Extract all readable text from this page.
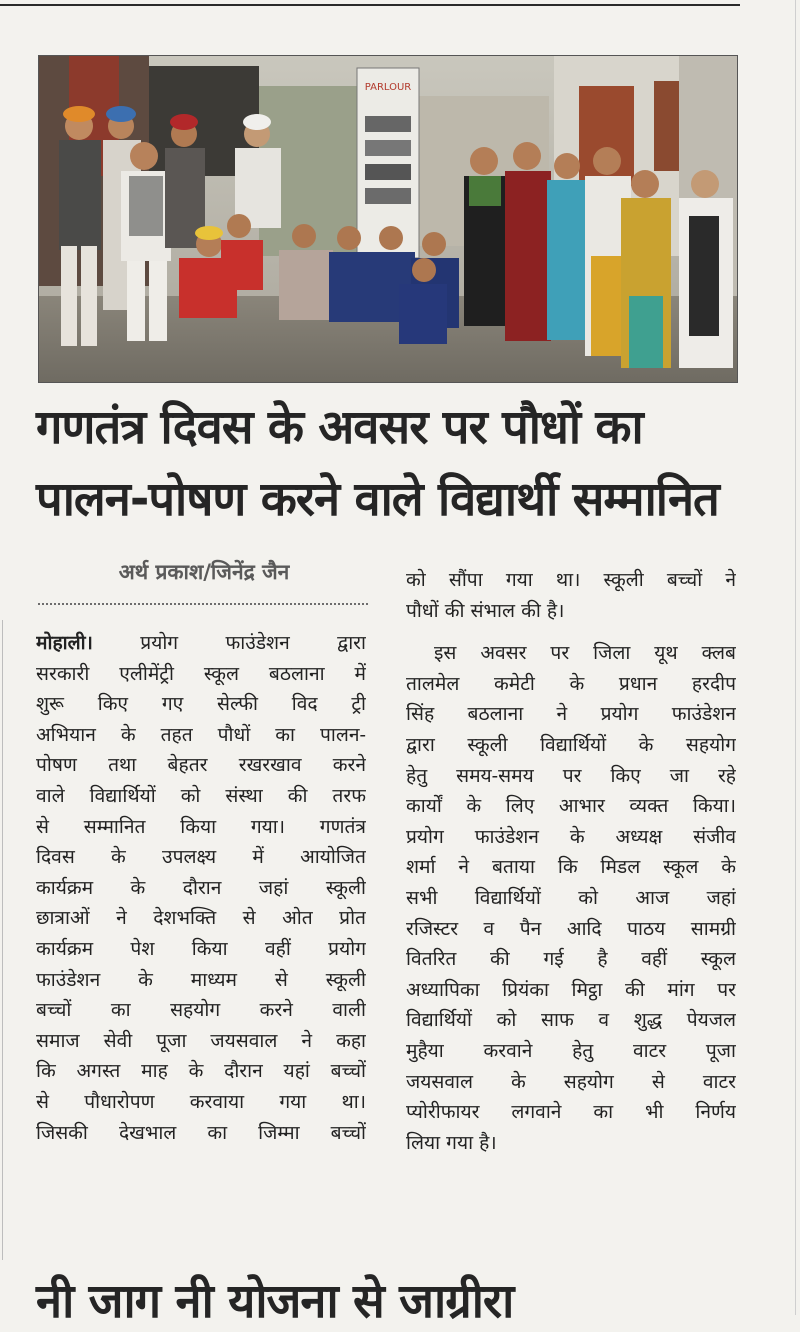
PARLOUR
गणतंत्र दिवस के अवसर पर पौधों का
पालन-पोषण करने वाले विद्यार्थी सम्मानित
अर्थ प्रकाश/जिनेंद्र जैन
मोहाली। प्रयोग फाउंडेशन द्वारा
सरकारी एलीमेंट्री स्कूल बठलाना में
शुरू किए गए सेल्फी विद ट्री
अभियान के तहत पौधों का पालन-
पोषण तथा बेहतर रखरखाव करने
वाले विद्यार्थियों को संस्था की तरफ
से सम्मानित किया गया। गणतंत्र
दिवस के उपलक्ष्य में आयोजित
कार्यक्रम के दौरान जहां स्कूली
छात्राओं ने देशभक्ति से ओत प्रोत
कार्यक्रम पेश किया वहीं प्रयोग
फाउंडेशन के माध्यम से स्कूली
बच्चों का सहयोग करने वाली
समाज सेवी पूजा जयसवाल ने कहा
कि अगस्त माह के दौरान यहां बच्चों
से पौधारोपण करवाया गया था।
जिसकी देखभाल का जिम्मा बच्चों
को सौंपा गया था। स्कूली बच्चों ने
पौधों की संभाल की है।
इस अवसर पर जिला यूथ क्लब
तालमेल कमेटी के प्रधान हरदीप
सिंह बठलाना ने प्रयोग फाउंडेशन
द्वारा स्कूली विद्यार्थियों के सहयोग
हेतु समय-समय पर किए जा रहे
कार्यों के लिए आभार व्यक्त किया।
प्रयोग फाउंडेशन के अध्यक्ष संजीव
शर्मा ने बताया कि मिडल स्कूल के
सभी विद्यार्थियों को आज जहां
रजिस्टर व पैन आदि पाठय सामग्री
वितरित की गई है वहीं स्कूल
अध्यापिका प्रियंका मिट्ठा की मांग पर
विद्यार्थियों को साफ व शुद्ध पेयजल
मुहैया करवाने हेतु वाटर पूजा
जयसवाल के सहयोग से वाटर
प्योरीफायर लगवाने का भी निर्णय
लिया गया है।
नी जाग नी योजना से जाग्रीरा
